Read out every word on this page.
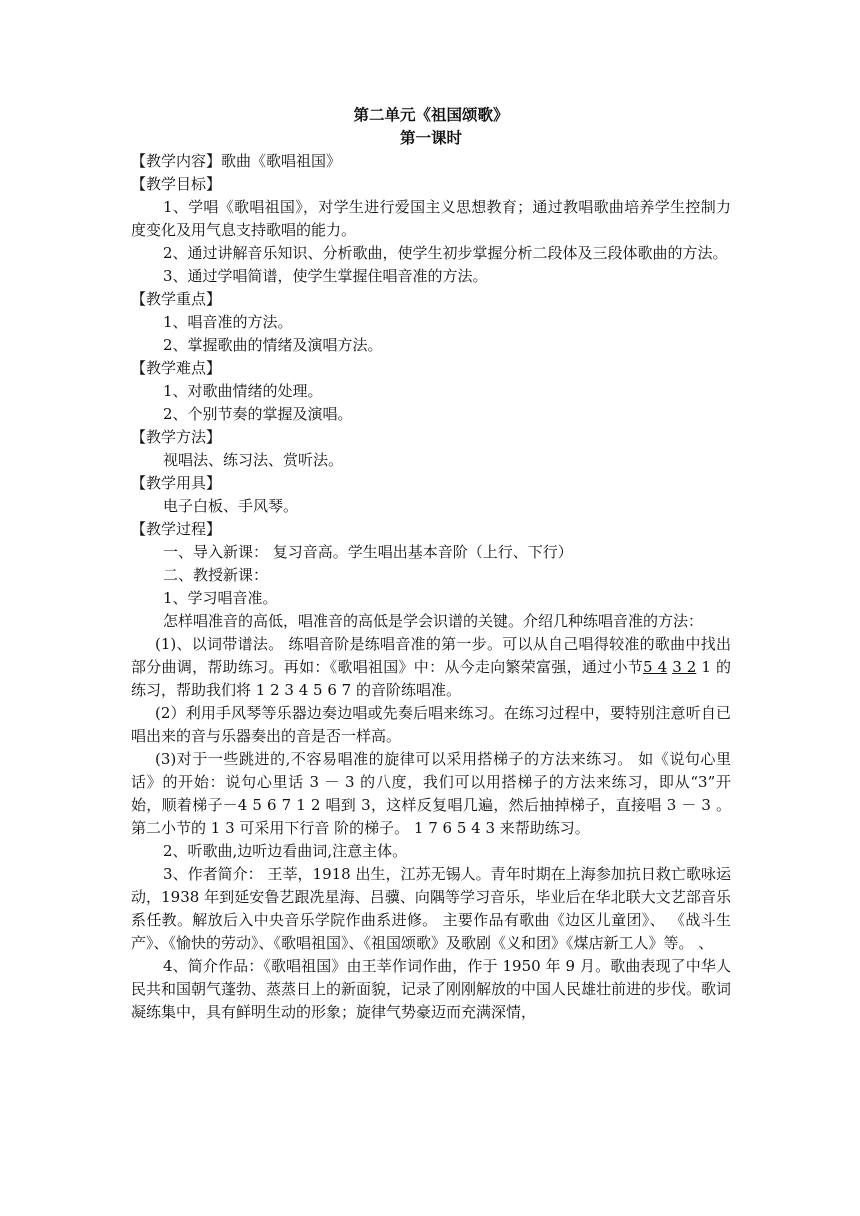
第二单元《祖国颂歌》

第一课时

【教学内容】歌曲《歌唱祖国》

【教学目标】

1、学唱《歌唱祖国》，对学生进行爱国主义思想教育；通过教唱歌曲培养学生控制力度变化及用气息支持歌唱的能力。

2、通过讲解音乐知识、分析歌曲，使学生初步掌握分析二段体及三段体歌曲的方法。

3、通过学唱简谱，使学生掌握住唱音准的方法。

【教学重点】

1、唱音准的方法。

2、掌握歌曲的情绪及演唱方法。

【教学难点】

1、对歌曲情绪的处理。

2、个别节奏的掌握及演唱。

【教学方法】

视唱法、练习法、赏听法。

【教学用具】

电子白板、手风琴。

【教学过程】

一、导入新课： 复习音高。学生唱出基本音阶（上行、下行）

二、教授新课：

1、学习唱音准。

怎样唱准音的高低，唱准音的高低是学会识谱的关键。介绍几种练唱音准的方法：

(1)、以词带谱法。 练唱音阶是练唱音准的第一步。可以从自己唱得较准的歌曲中找出部分曲调，帮助练习。再如：《歌唱祖国》中：从今走向繁荣富强，通过小节5 4 3 2 1 的练习，帮助我们将 1 2 3 4 5 6 7 的音阶练唱准。

(2）利用手风琴等乐器边奏边唱或先奏后唱来练习。在练习过程中，要特别注意听自已唱出来的音与乐器奏出的音是否一样高。

(3)对于一些跳进的,不容易唱准的旋律可以采用搭梯子的方法来练习。 如《说句心里话》的开始：说句心里话 3 － 3 的八度，我们可以用搭梯子的方法来练习，即从“3”开始，顺着梯子－4 5 6 7 1 2 唱到 3，这样反复唱几遍，然后抽掉梯子，直接唱 3 － 3 。第二小节的 1 3 可采用下行音 阶的梯子。 1 7 6 5 4 3 来帮助练习。

2、听歌曲,边听边看曲词,注意主体。

3、作者简介： 王莘，1918 出生，江苏无锡人。青年时期在上海参加抗日救亡歌咏运动，1938 年到延安鲁艺跟冼星海、吕骥、向隅等学习音乐，毕业后在华北联大文艺部音乐系任教。解放后入中央音乐学院作曲系进修。 主要作品有歌曲《边区儿童团》、 《战斗生产》、《愉快的劳动》、《歌唱祖国》、《祖国颂歌》及歌剧《义和团》《煤店新工人》等。 、

4、简介作品：《歌唱祖国》由王莘作词作曲，作于 1950 年 9 月。歌曲表现了中华人民共和国朝气蓬勃、蒸蒸日上的新面貌，记录了刚刚解放的中国人民雄壮前进的步伐。歌词凝练集中，具有鲜明生动的形象；旋律气势豪迈而充满深情，
